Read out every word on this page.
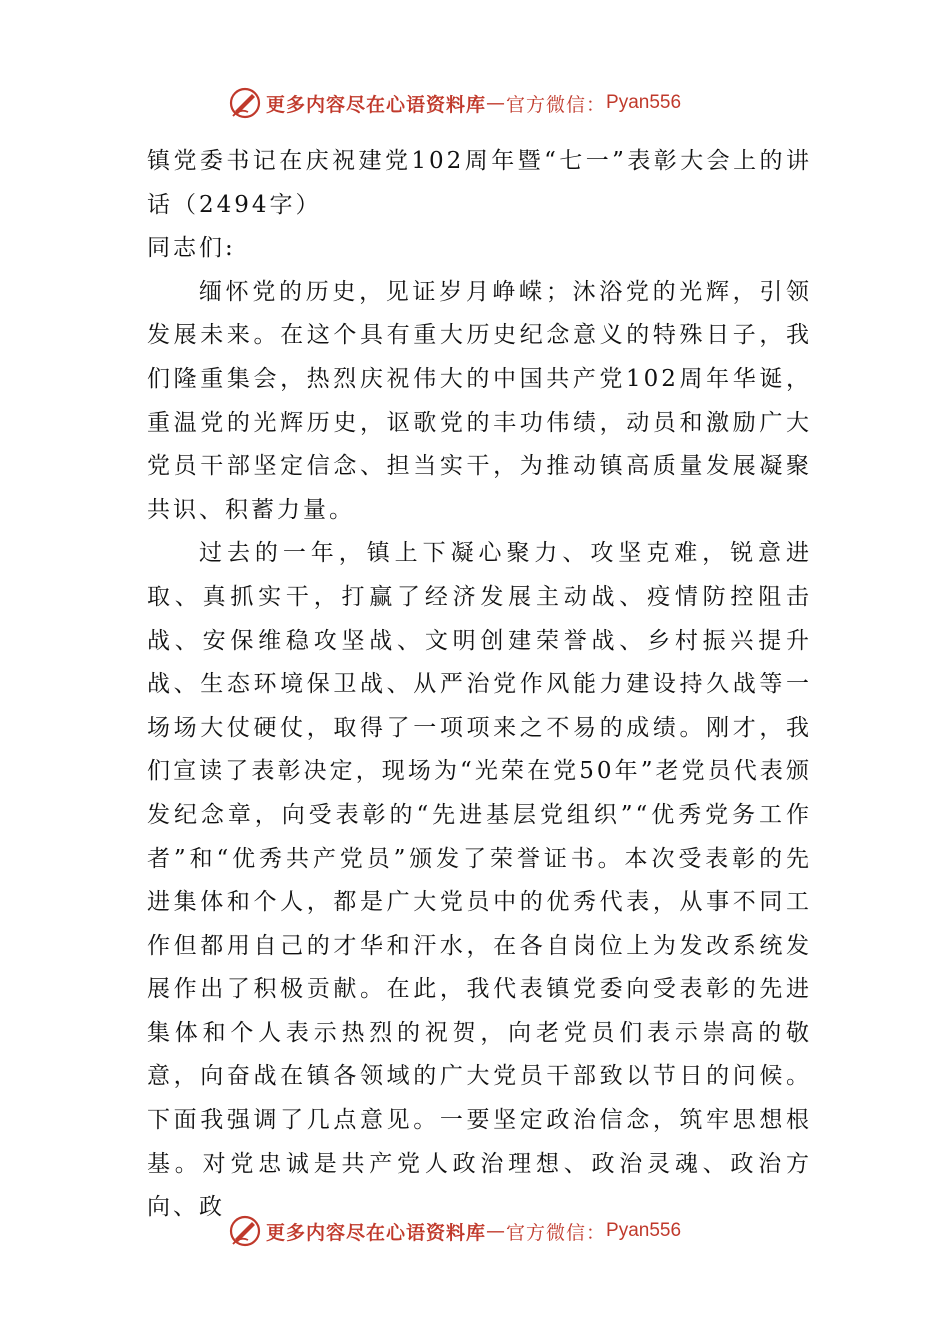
更多内容尽在心语资料库 — 官方微信： Pyan556

镇党委书记在庆祝建党102周年暨“七一”表彰大会上的讲话（2494字）

同志们:

缅怀党的历史，见证岁月峥嵘；沐浴党的光辉，引领发展未来。在这个具有重大历史纪念意义的特殊日子，我们隆重集会，热烈庆祝伟大的中国共产党102周年华诞，重温党的光辉历史，讴歌党的丰功伟绩，动员和激励广大党员干部坚定信念、担当实干，为推动镇高质量发展凝聚共识、积蓄力量。

过去的一年，镇上下凝心聚力、攻坚克难，锐意进取、真抓实干，打赢了经济发展主动战、疫情防控阻击战、安保维稳攻坚战、文明创建荣誉战、乡村振兴提升战、生态环境保卫战、从严治党作风能力建设持久战等一场场大仗硬仗，取得了一项项来之不易的成绩。刚才，我们宣读了表彰决定，现场为“光荣在党50年”老党员代表颁发纪念章，向受表彰的“先进基层党组织”“优秀党务工作者”和“优秀共产党员”颁发了荣誉证书。本次受表彰的先进集体和个人，都是广大党员中的优秀代表，从事不同工作但都用自己的才华和汗水，在各自岗位上为发改系统发展作出了积极贡献。在此，我代表镇党委向受表彰的先进集体和个人表示热烈的祝贺，向老党员们表示崇高的敬意，向奋战在镇各领域的广大党员干部致以节日的问候。下面我强调了几点意见。一要坚定政治信念，筑牢思想根基。对党忠诚是共产党人政治理想、政治灵魂、政治方向、政

更多内容尽在心语资料库 — 官方微信： Pyan556
